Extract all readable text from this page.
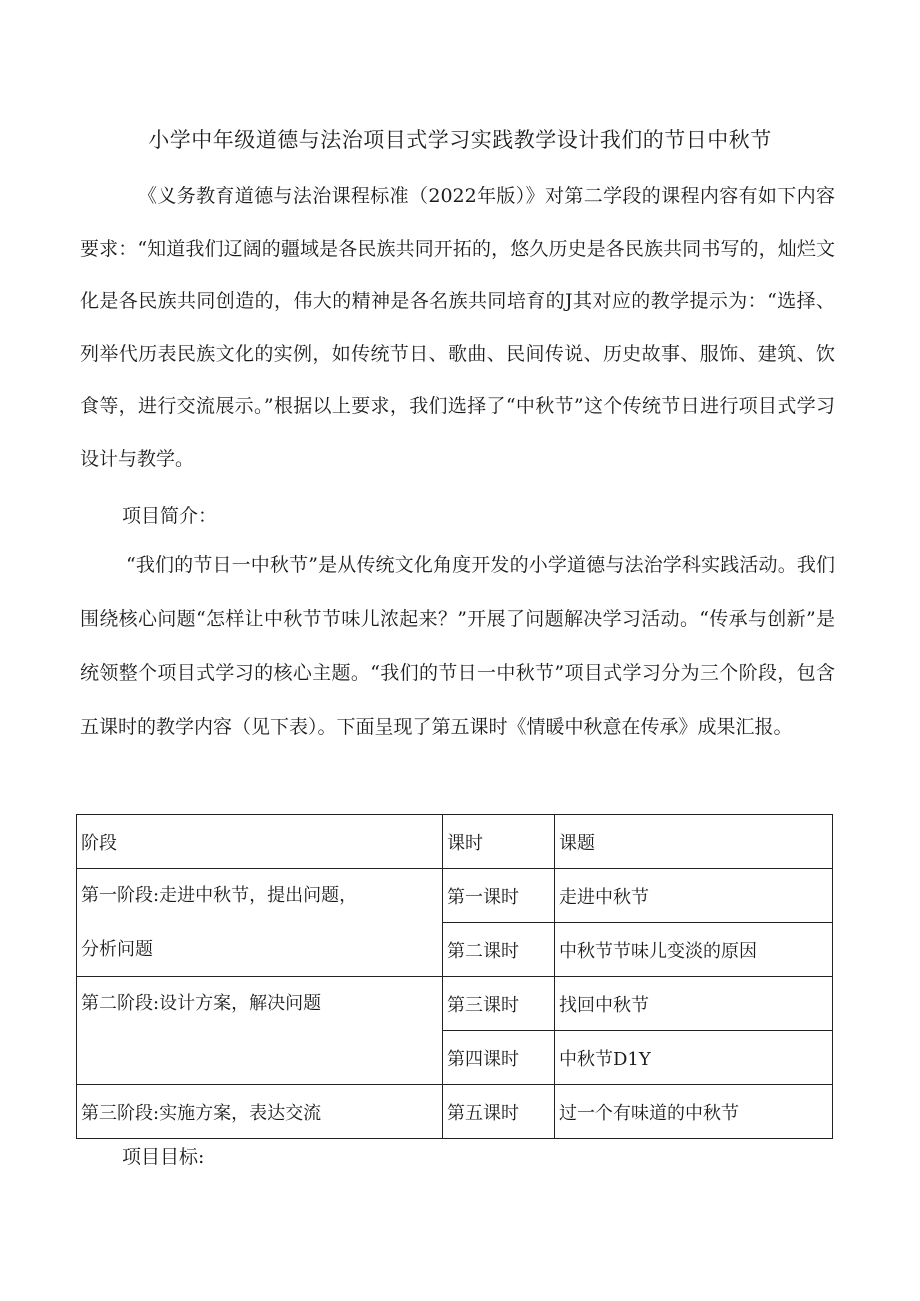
小学中年级道德与法治项目式学习实践教学设计我们的节日中秋节

《义务教育道德与法治课程标准（2022年版）》对第二学段的课程内容有如下内容要求：“知道我们辽阔的疆域是各民族共同开拓的，悠久历史是各民族共同书写的，灿烂文化是各民族共同创造的，伟大的精神是各名族共同培育的J其对应的教学提示为：“选择、列举代历表民族文化的实例，如传统节日、歌曲、民间传说、历史故事、服饰、建筑、饮食等，进行交流展示。”根据以上要求，我们选择了“中秋节”这个传统节日进行项目式学习设计与教学。

项目简介：

“我们的节日一中秋节”是从传统文化角度开发的小学道德与法治学科实践活动。我们围绕核心问题“怎样让中秋节节味儿浓起来？”开展了问题解决学习活动。“传承与创新”是统领整个项目式学习的核心主题。“我们的节日一中秋节”项目式学习分为三个阶段，包含五课时的教学内容（见下表）。下面呈现了第五课时《情暖中秋意在传承》成果汇报。

阶段	课时	课题

第一阶段:走进中秋节，提出问题，
分析问题	第一课时	走进中秋节
	第二课时	中秋节节味儿变淡的原因

第二阶段:设计方案，解决问题	第三课时	找回中秋节
	第四课时	中秋节D1Y
第三阶段:实施方案，表达交流	第五课时	过一个有味道的中秋节
项目目标:
